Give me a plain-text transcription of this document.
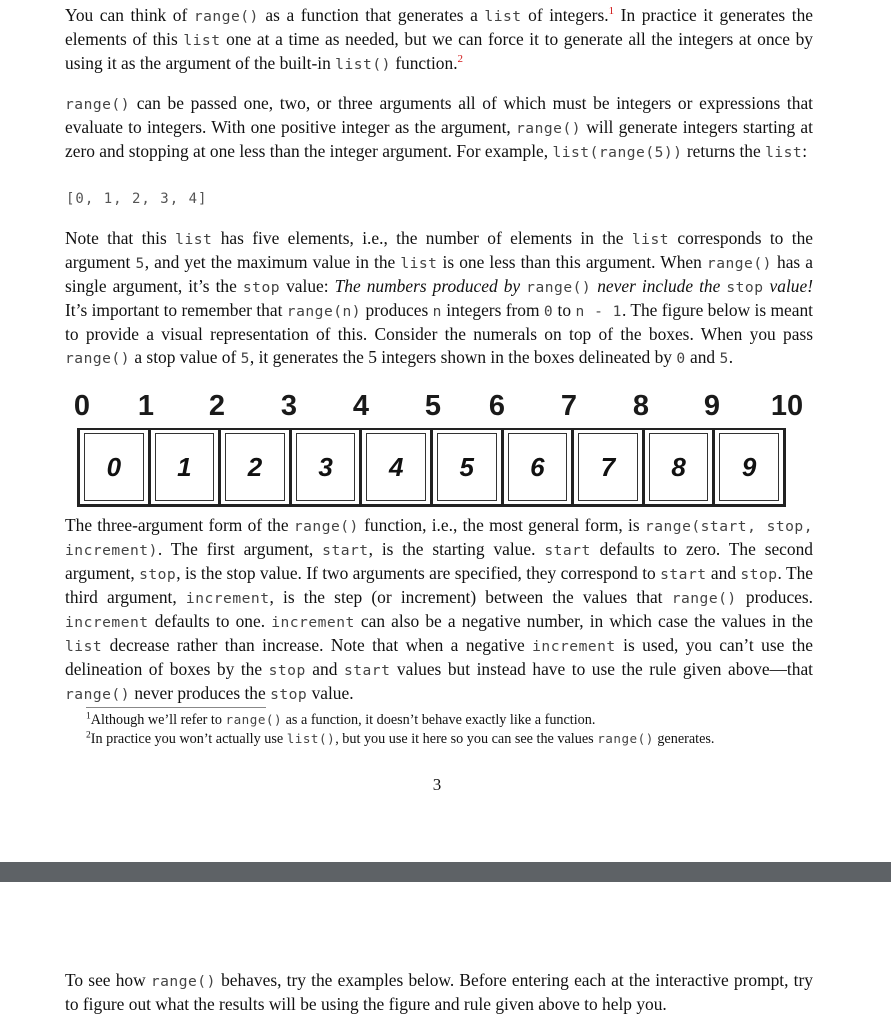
You can think of range() as a function that generates a list of integers.$^1$ In practice it generates the elements of this list one at a time as needed, but we can force it to generate all the integers at once by using it as the argument of the built-in list() function.$^2$

range() can be passed one, two, or three arguments all of which must be integers or expressions that evaluate to integers. With one positive integer as the argument, range() will generate integers starting at zero and stopping at one less than the integer argument. For example, list(range(5)) returns the list:

[0, 1, 2, 3, 4]

Note that this list has five elements, i.e., the number of elements in the list corresponds to the argument 5, and yet the maximum value in the list is one less than this argument. When range() has a single argument, it’s the stop value: The numbers produced by range() never include the stop value! It’s important to remember that range(n) produces n integers from 0 to n - 1. The figure below is meant to provide a visual representation of this. Consider the numerals on top of the boxes. When you pass range() a stop value of 5, it generates the 5 integers shown in the boxes delineated by 0 and 5.

0	1	2	3	4	5	6	7	8	9	10
0	1	2	3	4	5	6	7	8	9

The three-argument form of the range() function, i.e., the most general form, is range(start, stop, increment). The first argument, start, is the starting value. start defaults to zero. The second argument, stop, is the stop value. If two arguments are specified, they correspond to start and stop. The third argument, increment, is the step (or increment) between the values that range() produces. increment defaults to one. increment can also be a negative number, in which case the values in the list decrease rather than increase. Note that when a negative increment is used, you can’t use the delineation of boxes by the stop and start values but instead have to use the rule given above—that range() never produces the stop value.

$^1$Although we’ll refer to range() as a function, it doesn’t behave exactly like a function.

$^2$In practice you won’t actually use list(), but you use it here so you can see the values range() generates.

3

To see how range() behaves, try the examples below. Before entering each at the interactive prompt, try to figure out what the results will be using the figure and rule given above to help you.
